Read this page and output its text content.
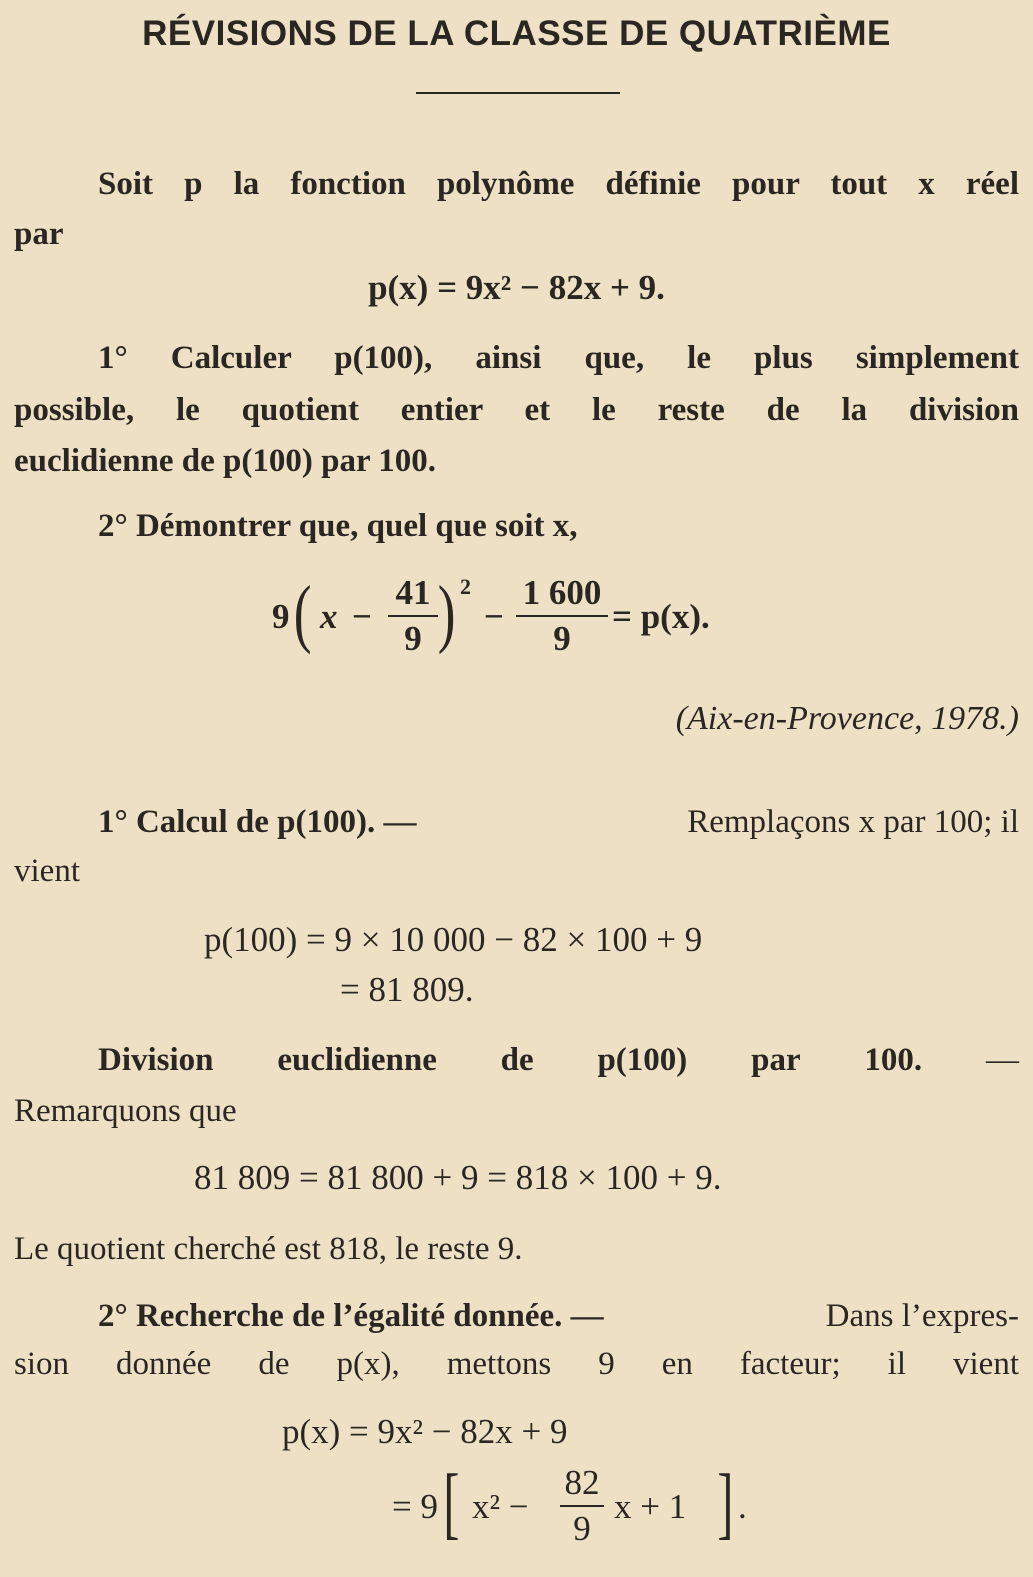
RÉVISIONS DE LA CLASSE DE QUATRIÈME
Soit p la fonction polynôme définie pour tout x réel
par
p(x) = 9x² − 82x + 9.
1° Calculer p(100), ainsi que, le plus simplement
possible, le quotient entier et le reste de la division
euclidienne de p(100) par 100.
2° Démontrer que, quel que soit x,
9 ( x −
41
9 ) 2
−
1 600
9
= p(x).
(Aix-en-Provence, 1978.)
1° Calcul de p(100). —	Remplaçons x par 100; il
vient
p(100) = 9 × 10 000 − 82 × 100 + 9
= 81 809.
Division euclidienne de p(100) par 100. —
Remarquons que
81 809 = 81 800 + 9 = 818 × 100 + 9.
Le quotient cherché est 818, le reste 9.
2° Recherche de l’égalité donnée. —	Dans l’expres-
sion donnée de p(x), mettons 9 en facteur; il vient
p(x) = 9x² − 82x + 9
= 9 [ x² −
82
9
x + 1 ] .
